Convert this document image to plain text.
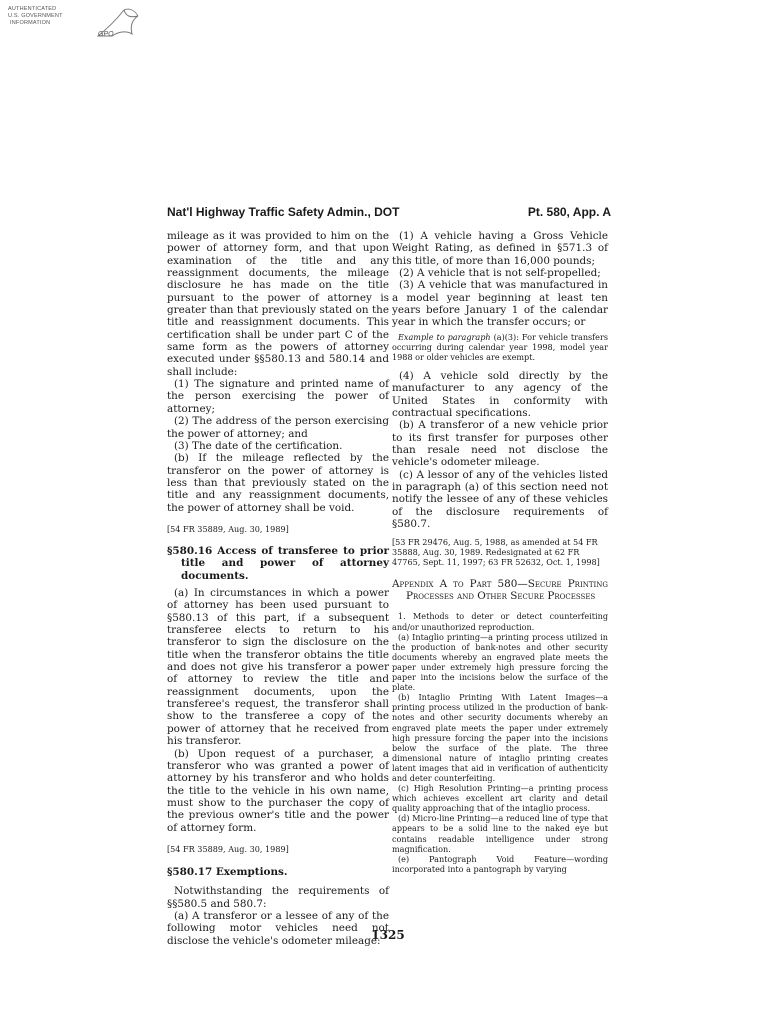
AUTHENTICATED
U.S. GOVERNMENT
INFORMATION
GPO
Nat'l Highway Traffic Safety Admin., DOT	Pt. 580, App. A

mileage as it was provided to him on the power of attorney form, and that upon examination of the title and any reassignment documents, the mileage disclosure he has made on the title pursuant to the power of attorney is greater than that previously stated on the title and reassignment documents. This certification shall be under part C of the same form as the powers of attorney executed under §§580.13 and 580.14 and shall include:

(1) The signature and printed name of the person exercising the power of attorney;

(2) The address of the person exercising the power of attorney; and

(3) The date of the certification.

(b) If the mileage reflected by the transferor on the power of attorney is less than that previously stated on the title and any reassignment documents, the power of attorney shall be void.

[54 FR 35889, Aug. 30, 1989]

§580.16 Access of transferee to prior title and power of attorney documents.

(a) In circumstances in which a power of attorney has been used pursuant to §580.13 of this part, if a subsequent transferee elects to return to his transferor to sign the disclosure on the title when the transferor obtains the title and does not give his transferor a power of attorney to review the title and reassignment documents, upon the transferee's request, the transferor shall show to the transferee a copy of the power of attorney that he received from his transferor.

(b) Upon request of a purchaser, a transferor who was granted a power of attorney by his transferor and who holds the title to the vehicle in his own name, must show to the purchaser the copy of the previous owner's title and the power of attorney form.

[54 FR 35889, Aug. 30, 1989]

§580.17 Exemptions.

Notwithstanding the requirements of §§580.5 and 580.7:

(a) A transferor or a lessee of any of the following motor vehicles need not disclose the vehicle's odometer mileage:

(1) A vehicle having a Gross Vehicle Weight Rating, as defined in §571.3 of this title, of more than 16,000 pounds;

(2) A vehicle that is not self-propelled;

(3) A vehicle that was manufactured in a model year beginning at least ten years before January 1 of the calendar year in which the transfer occurs; or

Example to paragraph (a)(3): For vehicle transfers occurring during calendar year 1998, model year 1988 or older vehicles are exempt.

(4) A vehicle sold directly by the manufacturer to any agency of the United States in conformity with contractual specifications.

(b) A transferor of a new vehicle prior to its first transfer for purposes other than resale need not disclose the vehicle's odometer mileage.

(c) A lessor of any of the vehicles listed in paragraph (a) of this section need not notify the lessee of any of these vehicles of the disclosure requirements of §580.7.

[53 FR 29476, Aug. 5, 1988, as amended at 54 FR 35888, Aug. 30, 1989. Redesignated at 62 FR 47765, Sept. 11, 1997; 63 FR 52632, Oct. 1, 1998]

Appendix A to Part 580—Secure Printing Processes and Other Secure Processes

1. Methods to deter or detect counterfeiting and/or unauthorized reproduction.

(a) Intaglio printing—a printing process utilized in the production of bank-notes and other security documents whereby an engraved plate meets the paper under extremely high pressure forcing the paper into the incisions below the surface of the plate.

(b) Intaglio Printing With Latent Images—a printing process utilized in the production of bank-notes and other security documents whereby an engraved plate meets the paper under extremely high pressure forcing the paper into the incisions below the surface of the plate. The three dimensional nature of intaglio printing creates latent images that aid in verification of authenticity and deter counterfeiting.

(c) High Resolution Printing—a printing process which achieves excellent art clarity and detail quality approaching that of the intaglio process.

(d) Micro-line Printing—a reduced line of type that appears to be a solid line to the naked eye but contains readable intelligence under strong magnification.

(e) Pantograph Void Feature—wording incorporated into a pantograph by varying

1325
